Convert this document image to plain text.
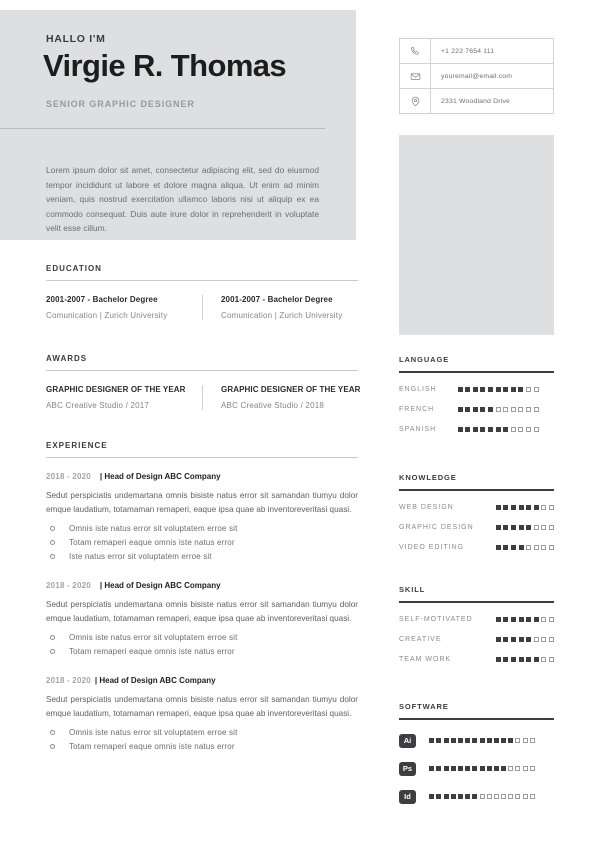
HALLO I'M
Virgie R. Thomas
SENIOR GRAPHIC DESIGNER
Lorem ipsum dolor sit amet, consectetur adipiscing elit, sed do eiusmod tempor incididunt ut labore et dolore magna aliqua. Ut enim ad minim veniam, quis nostrud exercitation ullamco laboris nisi ut aliquip ex ea commodo consequat. Duis aute irure dolor in reprehenderit in voluptate velit esse cillum.
+1 222 7654 111
youremail@email.com
2331 Woodland Drive
EDUCATION
2001-2007 - Bachelor Degree
Comunication | Zurich University
2001-2007 - Bachelor Degree
Comunication | Zurich University
AWARDS
GRAPHIC DESIGNER OF THE YEAR
ABC Creative Studio / 2017
GRAPHIC DESIGNER OF THE YEAR
ABC Creative Studio / 2018
EXPERIENCE
2018 - 2020 | Head of Design ABC Company
Sedut perspiciatis undemartana omnis bisiste natus error sit samandan tiumyu dolor emque laudatium, totamaman remaperi, eaque ipsa quae ab inventoreveritasi quasi.
Omnis iste natus error sit voluptatem erroe sit
Totam remaperi eaque omnis iste natus error
Iste natus error sit voluptatem erroe sit
2018 - 2020 | Head of Design ABC Company
Sedut perspiciatis undemartana omnis bisiste natus error sit samandan tiumyu dolor emque laudatium, totamaman remaperi, eaque ipsa quae ab inventoreveritasi quasi.
Omnis iste natus error sit voluptatem erroe sit
Totam remaperi eaque omnis iste natus error
2018 - 2020 | Head of Design ABC Company
Sedut perspiciatis undemartana omnis bisiste natus error sit samandan tiumyu dolor emque laudatium, totamaman remaperi, eaque ipsa quae ab inventoreveritasi quasi.
Omnis iste natus error sit voluptatem erroe sit
Totam remaperi eaque omnis iste natus error
LANGUAGE
ENGLISH
FRENCH
SPANISH
KNOWLEDGE
WEB DESIGN
GRAPHIC DESIGN
VIDEO EDITING
SKILL
SELF-MOTIVATED
CREATIVE
TEAM WORK
SOFTWARE
Ai
Ps
Id
